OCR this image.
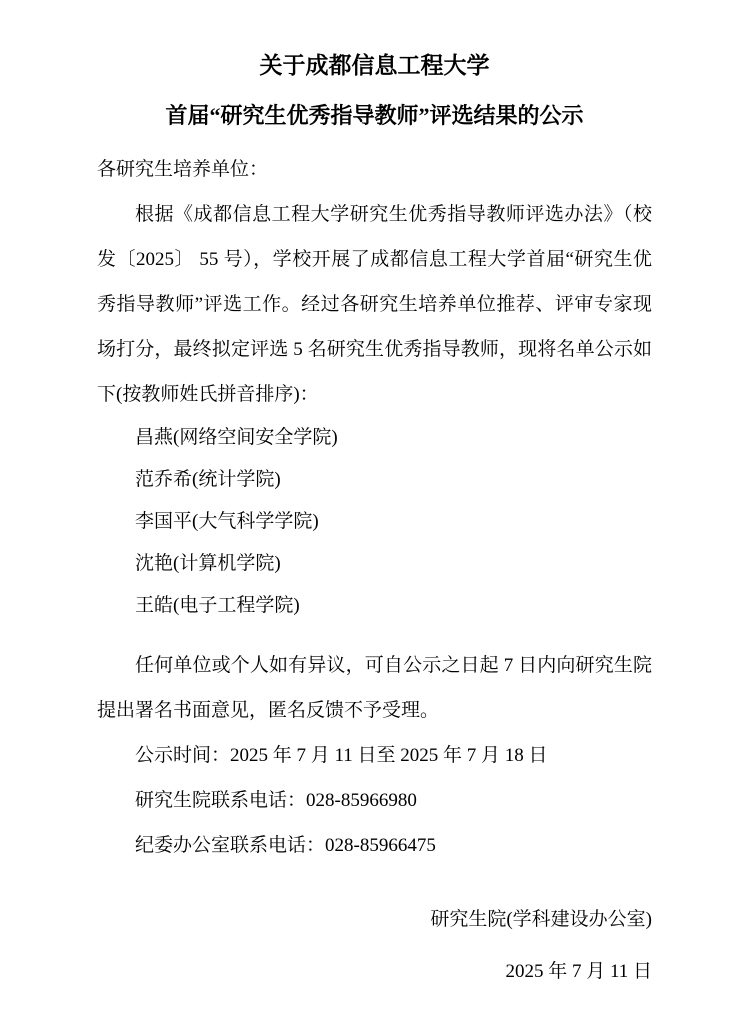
关于成都信息工程大学
首届“研究生优秀指导教师”评选结果的公示

各研究生培养单位：

根据《成都信息工程大学研究生优秀指导教师评选办法》（校发〔2025〕 55 号），学校开展了成都信息工程大学首届“研究生优秀指导教师”评选工作。经过各研究生培养单位推荐、评审专家现场打分，最终拟定评选 5 名研究生优秀指导教师，现将名单公示如下(按教师姓氏拼音排序)：

昌燕(网络空间安全学院)

范乔希(统计学院)

李国平(大气科学学院)

沈艳(计算机学院)

王皓(电子工程学院)

任何单位或个人如有异议，可自公示之日起 7 日内向研究生院提出署名书面意见，匿名反馈不予受理。

公示时间：2025 年 7 月 11 日至 2025 年 7 月 18 日

研究生院联系电话：028-85966980

纪委办公室联系电话：028-85966475

研究生院(学科建设办公室)

2025 年 7 月 11 日
